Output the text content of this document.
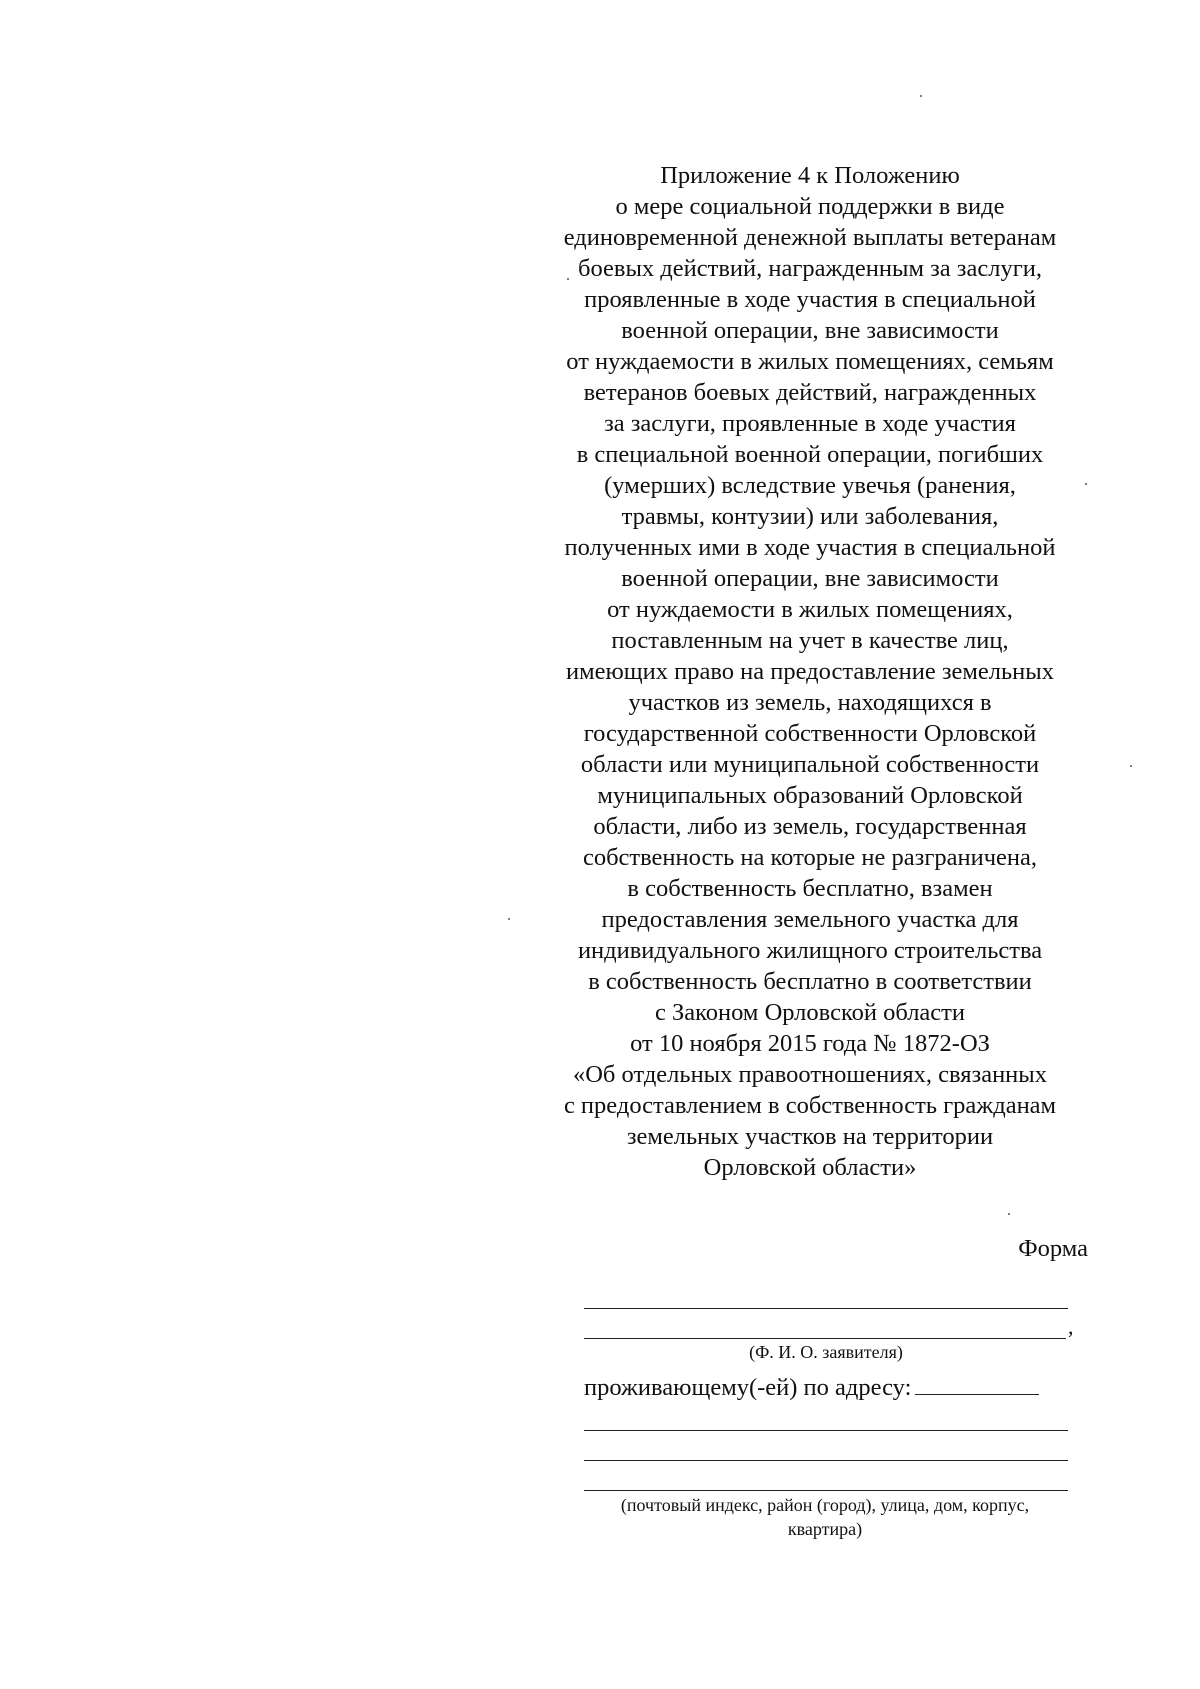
Приложение 4 к Положению
о мере социальной поддержки в виде
единовременной денежной выплаты ветеранам
боевых действий, награжденным за заслуги,
проявленные в ходе участия в специальной
военной операции, вне зависимости
от нуждаемости в жилых помещениях, семьям
ветеранов боевых действий, награжденных
за заслуги, проявленные в ходе участия
в специальной военной операции, погибших
(умерших) вследствие увечья (ранения,
травмы, контузии) или заболевания,
полученных ими в ходе участия в специальной
военной операции, вне зависимости
от нуждаемости в жилых помещениях,
поставленным на учет в качестве лиц,
имеющих право на предоставление земельных
участков из земель, находящихся в
государственной собственности Орловской
области или муниципальной собственности
муниципальных образований Орловской
области, либо из земель, государственная
собственность на которые не разграничена,
в собственность бесплатно, взамен
предоставления земельного участка для
индивидуального жилищного строительства
в собственность бесплатно в соответствии
с Законом Орловской области
от 10 ноября 2015 года № 1872-ОЗ
«Об отдельных правоотношениях, связанных
с предоставлением в собственность гражданам
земельных участков на территории
Орловской области»
Форма
,
(Ф. И. О. заявителя)
проживающему(-ей) по адресу:
(почтовый индекс, район (город), улица, дом, корпус,
квартира)
